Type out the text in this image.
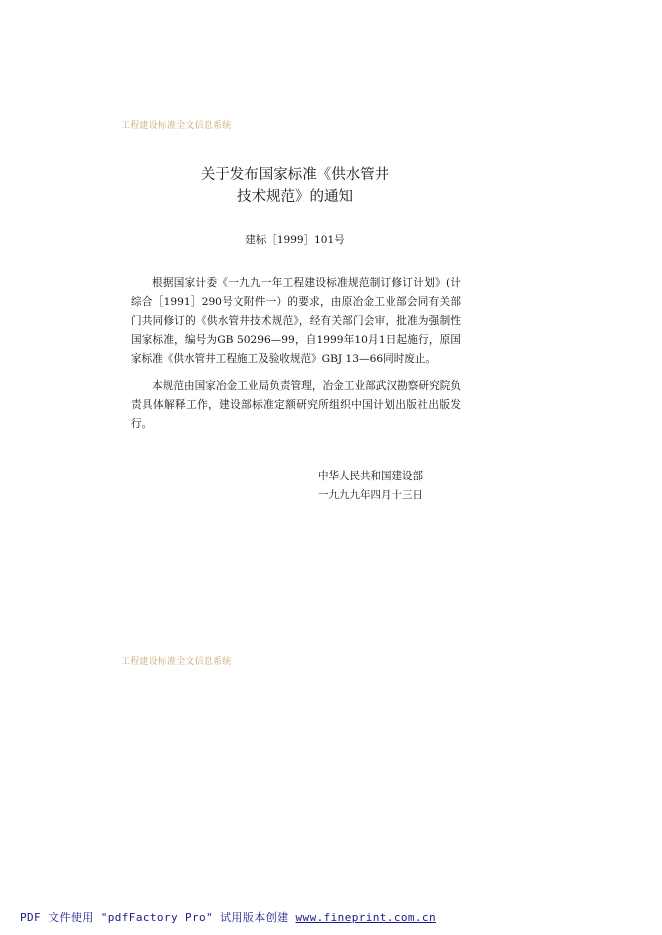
工程建设标准全文信息系统
关于发布国家标准《供水管井
技术规范》的通知
建标［1999］101号
根据国家计委《一九九一年工程建设标准规范制订修订计划》(计综合［1991］290号文附件一）的要求，由原冶金工业部会同有关部门共同修订的《供水管井技术规范》，经有关部门会审，批准为强制性国家标准，编号为GB 50296—99，自1999年10月1日起施行，原国家标准《供水管井工程施工及验收规范》GBJ 13—66同时废止。
本规范由国家冶金工业局负责管理，冶金工业部武汉勘察研究院负责具体解释工作，建设部标准定额研究所组织中国计划出版社出版发行。
中华人民共和国建设部
一九九九年四月十三日
工程建设标准全文信息系统
PDF 文件使用 "pdfFactory Pro" 试用版本创建 www.fineprint.com.cn
